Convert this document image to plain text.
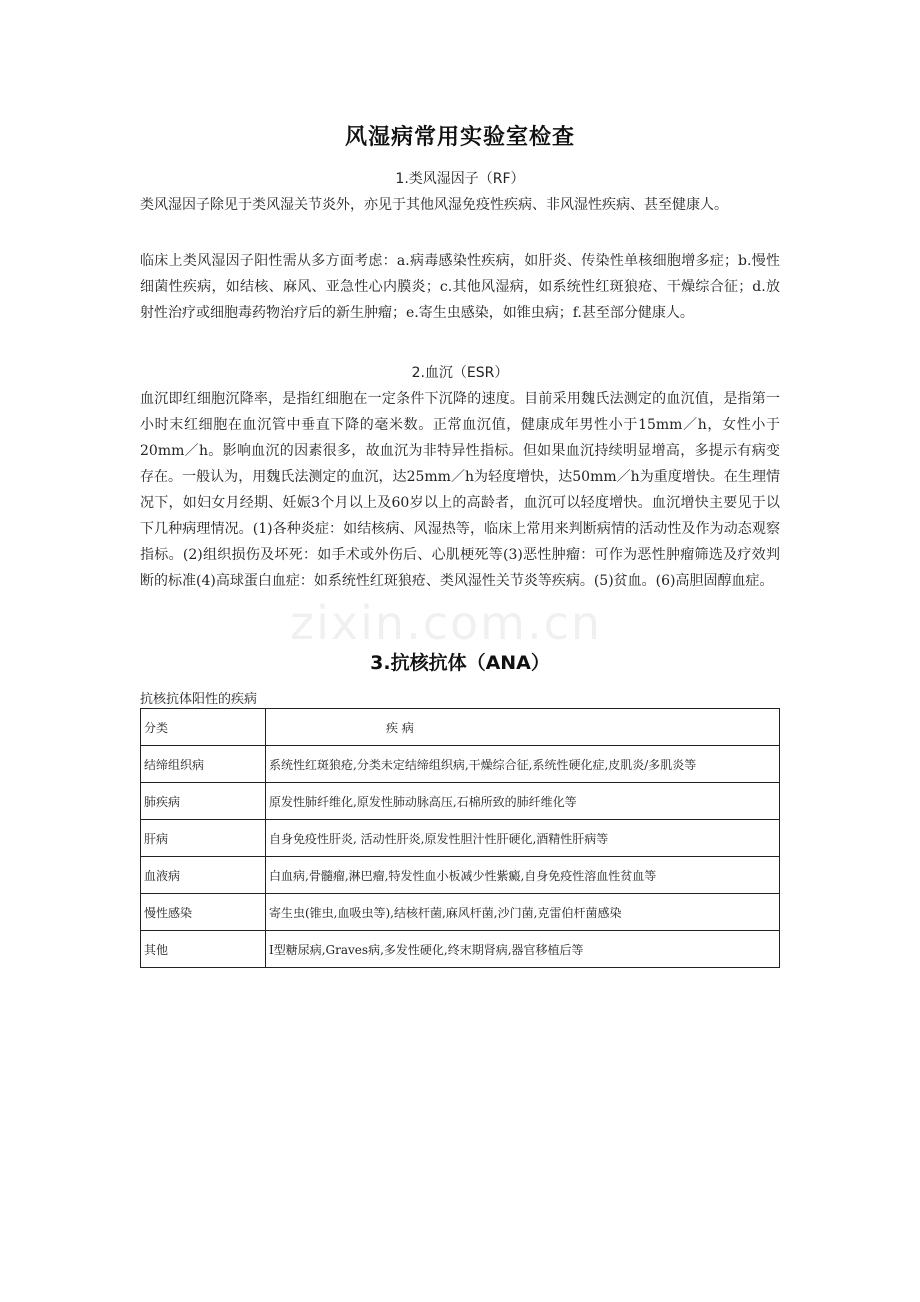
风湿病常用实验室检查
1.类风湿因子（RF）

类风湿因子除见于类风湿关节炎外，亦见于其他风湿免疫性疾病、非风湿性疾病、甚至健康人。

临床上类风湿因子阳性需从多方面考虑：a.病毒感染性疾病，如肝炎、传染性单核细胞增多症；b.慢性细菌性疾病，如结核、麻风、亚急性心内膜炎；c.其他风湿病，如系统性红斑狼疮、干燥综合征；d.放射性治疗或细胞毒药物治疗后的新生肿瘤；e.寄生虫感染，如锥虫病；f.甚至部分健康人。

2.血沉（ESR）

血沉即红细胞沉降率，是指红细胞在一定条件下沉降的速度。目前采用魏氏法测定的血沉值，是指第一小时末红细胞在血沉管中垂直下降的毫米数。正常血沉值，健康成年男性小于15mm／h，女性小于20mm／h。影响血沉的因素很多，故血沉为非特异性指标。但如果血沉持续明显增高，多提示有病变存在。一般认为，用魏氏法测定的血沉，达25mm／h为轻度增快，达50mm／h为重度增快。在生理情况下，如妇女月经期、妊娠3个月以上及60岁以上的高龄者，血沉可以轻度增快。血沉增快主要见于以下几种病理情况。(1)各种炎症：如结核病、风湿热等，临床上常用来判断病情的活动性及作为动态观察指标。(2)组织损伤及坏死：如手术或外伤后、心肌梗死等(3)恶性肿瘤：可作为恶性肿瘤筛选及疗效判断的标准(4)高球蛋白血症：如系统性红斑狼疮、类风湿性关节炎等疾病。(5)贫血。(6)高胆固醇血症。

3.抗核抗体（ANA）
抗核抗体阳性的疾病
分类	疾 病
结缔组织病	系统性红斑狼疮,分类未定结缔组织病,干燥综合征,系统性硬化症,皮肌炎/多肌炎等
肺疾病	原发性肺纤维化,原发性肺动脉高压,石棉所致的肺纤维化等
肝病	自身免疫性肝炎, 活动性肝炎,原发性胆汁性肝硬化,酒精性肝病等
血液病	白血病,骨髓瘤,淋巴瘤,特发性血小板减少性紫癜,自身免疫性溶血性贫血等
慢性感染	寄生虫(锥虫,血吸虫等),结核杆菌,麻风杆菌,沙门菌,克雷伯杆菌感染
其他	Ⅰ型糖尿病,Graves病,多发性硬化,终末期肾病,器官移植后等
zixin.com.cn
